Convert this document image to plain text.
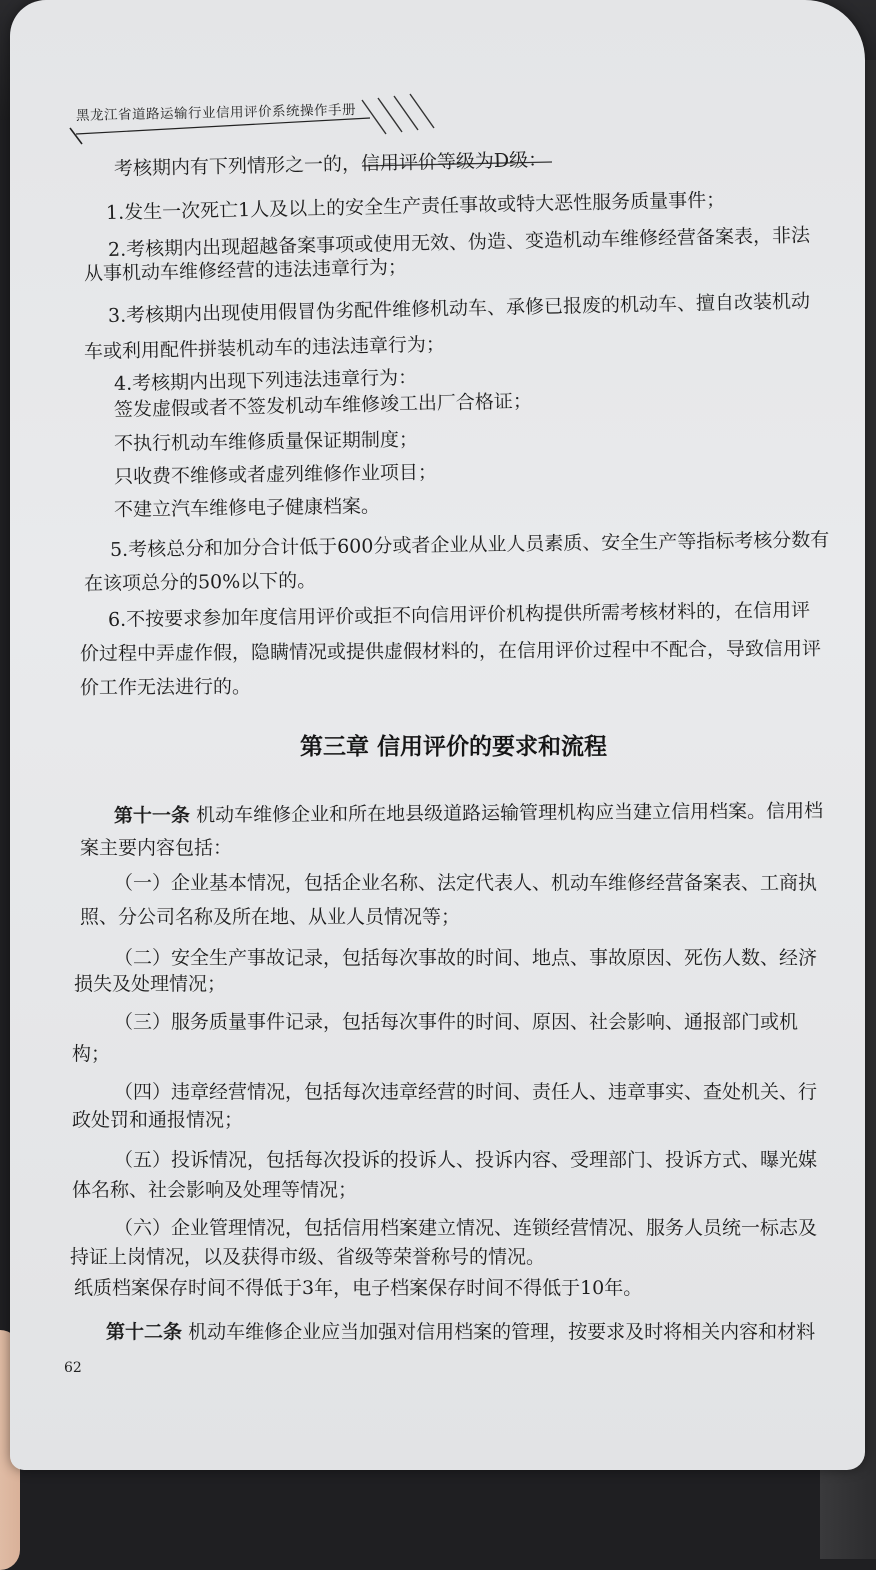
黑龙江省道路运输行业信用评价系统操作手册
考核期内有下列情形之一的，信用评价等级为D级：
1.发生一次死亡1人及以上的安全生产责任事故或特大恶性服务质量事件；
2.考核期内出现超越备案事项或使用无效、伪造、变造机动车维修经营备案表，非法
从事机动车维修经营的违法违章行为；
3.考核期内出现使用假冒伪劣配件维修机动车、承修已报废的机动车、擅自改装机动
车或利用配件拼装机动车的违法违章行为；
4.考核期内出现下列违法违章行为：
签发虚假或者不签发机动车维修竣工出厂合格证；
不执行机动车维修质量保证期制度；
只收费不维修或者虚列维修作业项目；
不建立汽车维修电子健康档案。
5.考核总分和加分合计低于600分或者企业从业人员素质、安全生产等指标考核分数有
在该项总分的50%以下的。
6.不按要求参加年度信用评价或拒不向信用评价机构提供所需考核材料的，在信用评
价过程中弄虚作假，隐瞒情况或提供虚假材料的，在信用评价过程中不配合，导致信用评
价工作无法进行的。
第三章 信用评价的要求和流程
第十一条 机动车维修企业和所在地县级道路运输管理机构应当建立信用档案。信用档
案主要内容包括：
（一）企业基本情况，包括企业名称、法定代表人、机动车维修经营备案表、工商执
照、分公司名称及所在地、从业人员情况等；
（二）安全生产事故记录，包括每次事故的时间、地点、事故原因、死伤人数、经济
损失及处理情况；
（三）服务质量事件记录，包括每次事件的时间、原因、社会影响、通报部门或机
构；
（四）违章经营情况，包括每次违章经营的时间、责任人、违章事实、查处机关、行
政处罚和通报情况；
（五）投诉情况，包括每次投诉的投诉人、投诉内容、受理部门、投诉方式、曝光媒
体名称、社会影响及处理等情况；
（六）企业管理情况，包括信用档案建立情况、连锁经营情况、服务人员统一标志及
持证上岗情况，以及获得市级、省级等荣誉称号的情况。
纸质档案保存时间不得低于3年，电子档案保存时间不得低于10年。
第十二条 机动车维修企业应当加强对信用档案的管理，按要求及时将相关内容和材料
62
